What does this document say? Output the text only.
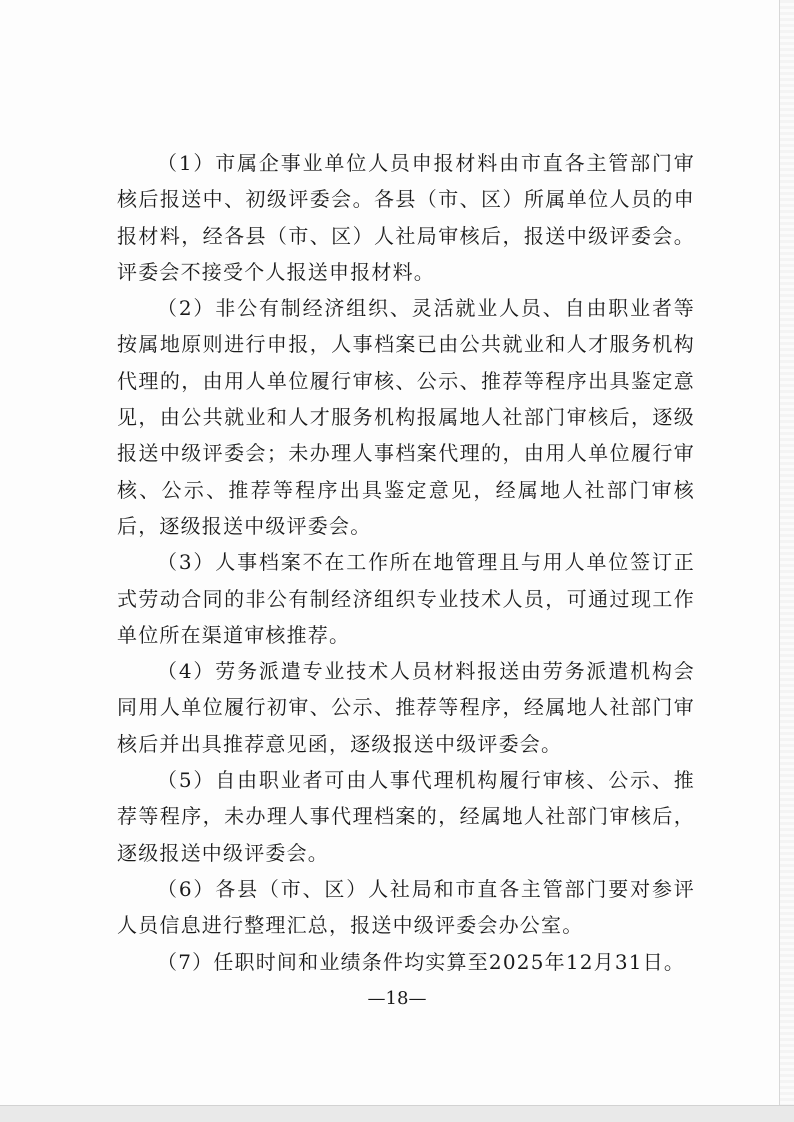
（1）市属企事业单位人员申报材料由市直各主管部门审核后报送中、初级评委会。各县（市、区）所属单位人员的申报材料，经各县（市、区）人社局审核后，报送中级评委会。评委会不接受个人报送申报材料。

（2）非公有制经济组织、灵活就业人员、自由职业者等按属地原则进行申报，人事档案已由公共就业和人才服务机构代理的，由用人单位履行审核、公示、推荐等程序出具鉴定意见，由公共就业和人才服务机构报属地人社部门审核后，逐级报送中级评委会；未办理人事档案代理的，由用人单位履行审核、公示、推荐等程序出具鉴定意见，经属地人社部门审核后，逐级报送中级评委会。

（3）人事档案不在工作所在地管理且与用人单位签订正式劳动合同的非公有制经济组织专业技术人员，可通过现工作单位所在渠道审核推荐。

（4）劳务派遣专业技术人员材料报送由劳务派遣机构会同用人单位履行初审、公示、推荐等程序，经属地人社部门审核后并出具推荐意见函，逐级报送中级评委会。

（5）自由职业者可由人事代理机构履行审核、公示、推荐等程序，未办理人事代理档案的，经属地人社部门审核后，逐级报送中级评委会。

（6）各县（市、区）人社局和市直各主管部门要对参评人员信息进行整理汇总，报送中级评委会办公室。

（7）任职时间和业绩条件均实算至2025年12月31日。

—18—
